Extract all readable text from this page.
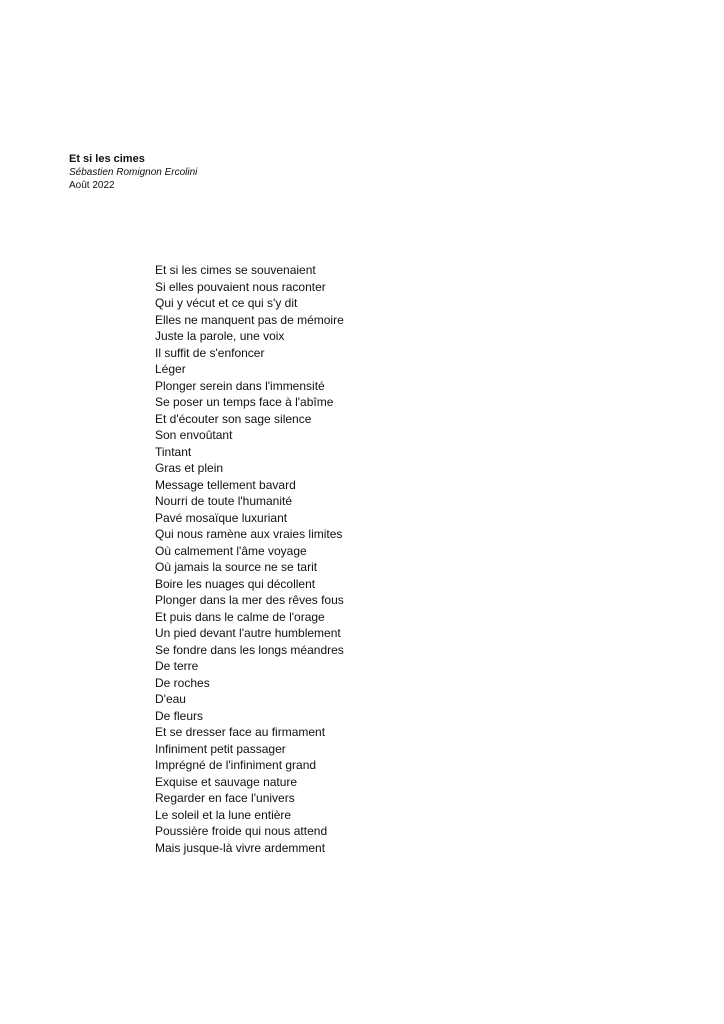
Et si les cimes

Sébastien Romignon Ercolini

Août 2022

Et si les cimes se souvenaient
Si elles pouvaient nous raconter
Qui y vécut et ce qui s'y dit
Elles ne manquent pas de mémoire
Juste la parole, une voix
Il suffit de s'enfoncer
Léger
Plonger serein dans l'immensité
Se poser un temps face à l'abîme
Et d'écouter son sage silence
Son envoûtant
Tintant
Gras et plein
Message tellement bavard
Nourri de toute l'humanité
Pavé mosaïque luxuriant
Qui nous ramène aux vraies limites
Où calmement l'âme voyage
Où jamais la source ne se tarit
Boire les nuages qui décollent
Plonger dans la mer des rêves fous
Et puis dans le calme de l'orage
Un pied devant l'autre humblement
Se fondre dans les longs méandres
De terre
De roches
D'eau
De fleurs
Et se dresser face au firmament
Infiniment petit passager
Imprégné de l'infiniment grand
Exquise et sauvage nature
Regarder en face l'univers
Le soleil et la lune entière
Poussière froide qui nous attend
Mais jusque-là vivre ardemment
